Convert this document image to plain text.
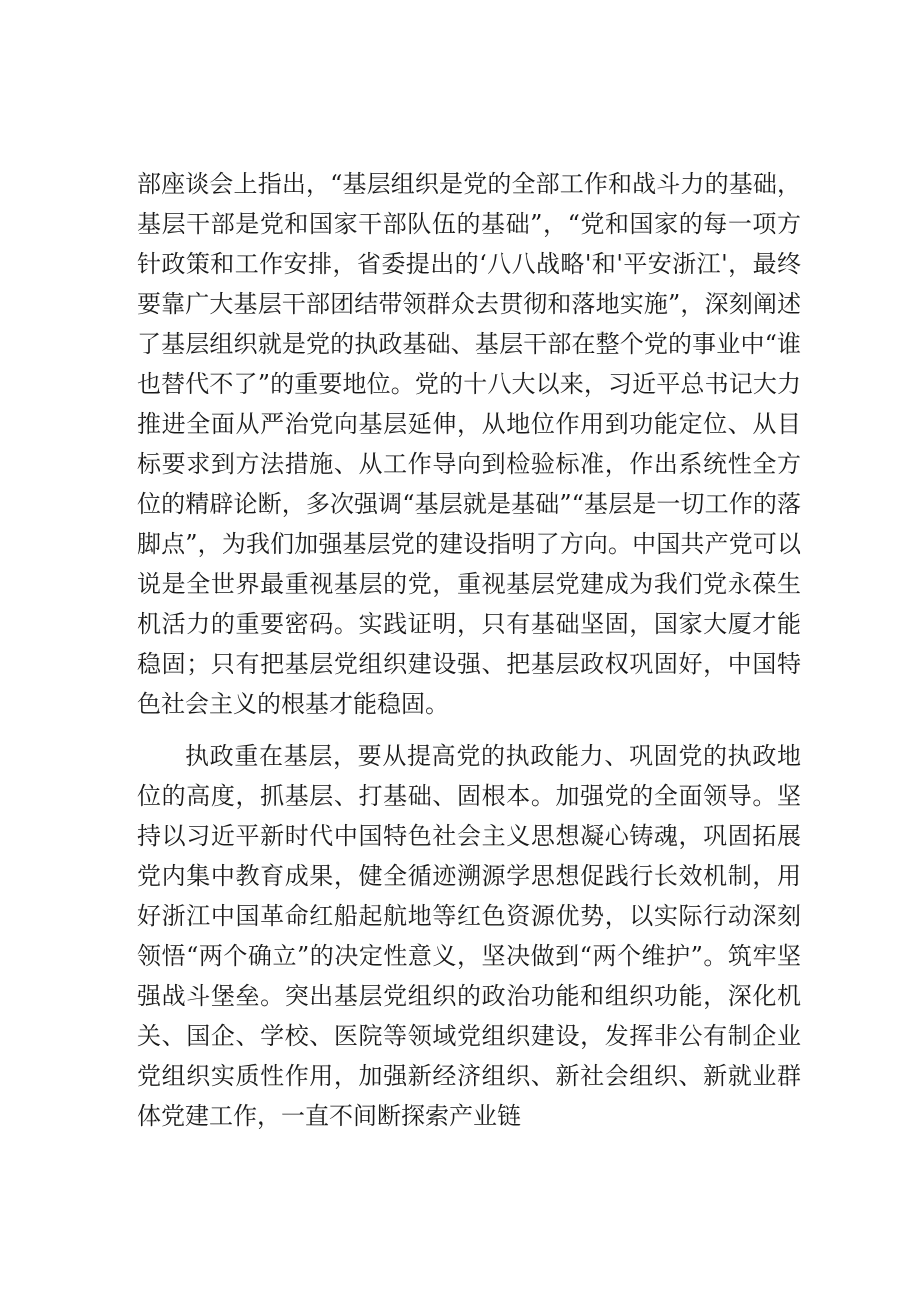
部座谈会上指出，“基层组织是党的全部工作和战斗力的基础，基层干部是党和国家干部队伍的基础”，“党和国家的每一项方针政策和工作安排，省委提出的‘八八战略'和'平安浙江'，最终要靠广大基层干部团结带领群众去贯彻和落地实施”，深刻阐述了基层组织就是党的执政基础、基层干部在整个党的事业中“谁也替代不了”的重要地位。党的十八大以来，习近平总书记大力推进全面从严治党向基层延伸，从地位作用到功能定位、从目标要求到方法措施、从工作导向到检验标准，作出系统性全方位的精辟论断，多次强调“基层就是基础”“基层是一切工作的落脚点”，为我们加强基层党的建设指明了方向。中国共产党可以说是全世界最重视基层的党，重视基层党建成为我们党永葆生机活力的重要密码。实践证明，只有基础坚固，国家大厦才能稳固；只有把基层党组织建设强、把基层政权巩固好，中国特色社会主义的根基才能稳固。

执政重在基层，要从提高党的执政能力、巩固党的执政地位的高度，抓基层、打基础、固根本。加强党的全面领导。坚持以习近平新时代中国特色社会主义思想凝心铸魂，巩固拓展党内集中教育成果，健全循迹溯源学思想促践行长效机制，用好浙江中国革命红船起航地等红色资源优势，以实际行动深刻领悟“两个确立”的决定性意义，坚决做到“两个维护”。筑牢坚强战斗堡垒。突出基层党组织的政治功能和组织功能，深化机关、国企、学校、医院等领域党组织建设，发挥非公有制企业党组织实质性作用，加强新经济组织、新社会组织、新就业群体党建工作，一直不间断探索产业链
